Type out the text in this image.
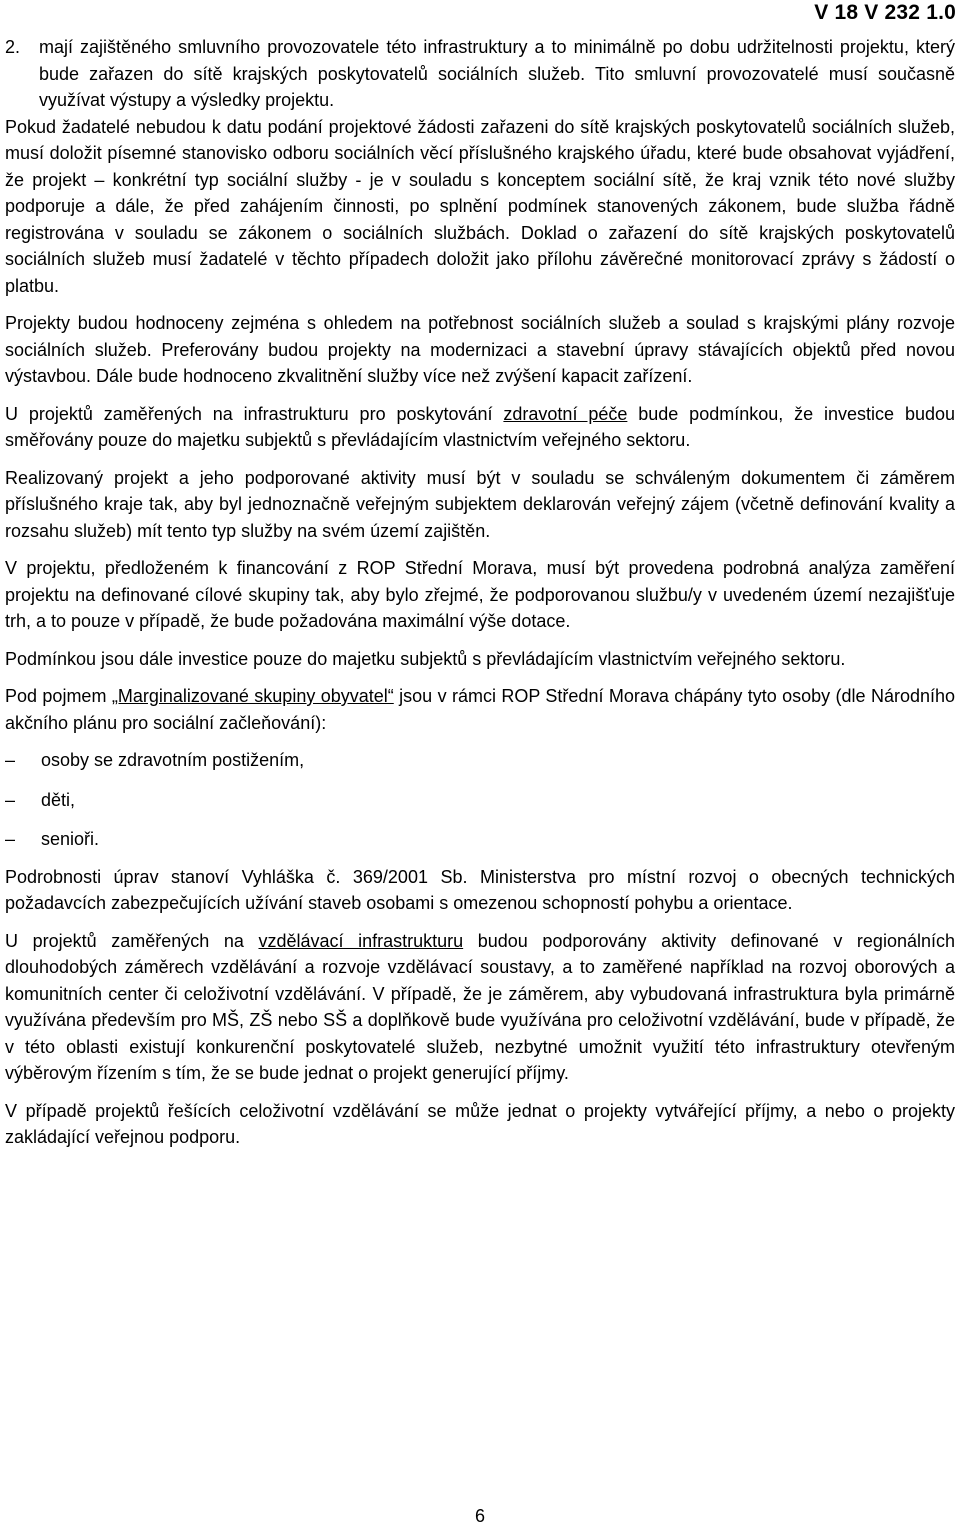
V 18 V 232 1.0
2.	mají zajištěného smluvního provozovatele této infrastruktury a to minimálně po dobu udržitelnosti projektu, který bude zařazen do sítě krajských poskytovatelů sociálních služeb. Tito smluvní provozovatelé musí současně využívat výstupy a výsledky projektu.

Pokud žadatelé nebudou k datu podání projektové žádosti zařazeni do sítě krajských poskytovatelů sociálních služeb, musí doložit písemné stanovisko odboru sociálních věcí příslušného krajského úřadu, které bude obsahovat vyjádření, že projekt – konkrétní typ sociální služby - je v souladu s konceptem sociální sítě, že kraj vznik této nové služby podporuje a dále, že před zahájením činnosti, po splnění podmínek stanovených zákonem, bude služba řádně registrována v souladu se zákonem o sociálních službách. Doklad o zařazení do sítě krajských poskytovatelů sociálních služeb musí žadatelé v těchto případech doložit jako přílohu závěrečné monitorovací zprávy s žádostí o platbu.

Projekty budou hodnoceny zejména s ohledem na potřebnost sociálních služeb a soulad s krajskými plány rozvoje sociálních služeb. Preferovány budou projekty na modernizaci a stavební úpravy stávajících objektů před novou výstavbou. Dále bude hodnoceno zkvalitnění služby více než zvýšení kapacit zařízení.

U projektů zaměřených na infrastrukturu pro poskytování zdravotní péče bude podmínkou, že investice budou směřovány pouze do majetku subjektů s převládajícím vlastnictvím veřejného sektoru.

Realizovaný projekt a jeho podporované aktivity musí být v souladu se schváleným dokumentem či záměrem příslušného kraje tak, aby byl jednoznačně veřejným subjektem deklarován veřejný zájem (včetně definování kvality a rozsahu služeb) mít tento typ služby na svém území zajištěn.

V projektu, předloženém k financování z ROP Střední Morava, musí být provedena podrobná analýza zaměření projektu na definované cílové skupiny tak, aby bylo zřejmé, že podporovanou službu/y v uvedeném území nezajišťuje trh, a to pouze v případě, že bude požadována maximální výše dotace.

Podmínkou jsou dále investice pouze do majetku subjektů s převládajícím vlastnictvím veřejného sektoru.

Pod pojmem „Marginalizované skupiny obyvatel“ jsou v rámci ROP Střední Morava chápány tyto osoby (dle Národního akčního plánu pro sociální začleňování):

–	osoby se zdravotním postižením,
–	děti,
–	senioři.

Podrobnosti úprav stanoví Vyhláška č. 369/2001 Sb. Ministerstva pro místní rozvoj o obecných technických požadavcích zabezpečujících užívání staveb osobami s omezenou schopností pohybu a orientace.

U projektů zaměřených na vzdělávací infrastrukturu budou podporovány aktivity definované v regionálních dlouhodobých záměrech vzdělávání a rozvoje vzdělávací soustavy, a to zaměřené například na rozvoj oborových a komunitních center či celoživotní vzdělávání. V případě, že je záměrem, aby vybudovaná infrastruktura byla primárně využívána především pro MŠ, ZŠ nebo SŠ a doplňkově bude využívána pro celoživotní vzdělávání, bude v případě, že v této oblasti existují konkurenční poskytovatelé služeb, nezbytné umožnit využití této infrastruktury otevřeným výběrovým řízením s tím, že se bude jednat o projekt generující příjmy.

V případě projektů řešících celoživotní vzdělávání se může jednat o projekty vytvářející příjmy, a nebo o projekty zakládající veřejnou podporu.

6
